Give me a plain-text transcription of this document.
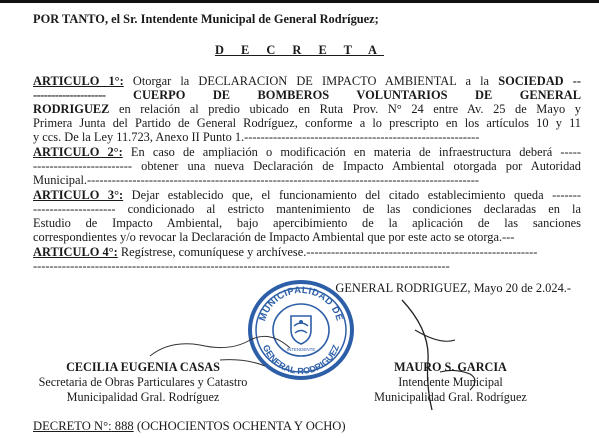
POR TANTO, el Sr. Intendente Municipal de General Rodríguez;
D E C R E T A
ARTICULO 1°: Otorgar la DECLARACION DE IMPACTO AMBIENTAL a la SOCIEDAD --
-------------------- CUERPO DE BOMBEROS VOLUNTARIOS DE GENERAL
RODRIGUEZ en relación al predio ubicado en Ruta Prov. N° 24 entre Av. 25 de Mayo y
Primera Junta del Partido de General Rodríguez, conforme a lo prescripto en los artículos 10 y 11
y ccs. De la Ley 11.723, Anexo II Punto 1.---------------------------------------------------------
ARTICULO 2°: En caso de ampliación o modificación en materia de infraestructura deberá -----
------------------------ obtener una nueva Declaración de Impacto Ambiental otorgada por Autoridad
Municipal.-----------------------------------------------------------------------------------------------
ARTICULO 3°: Dejar establecido que, el funcionamiento del citado establecimiento queda -------
-------------------- condicionado al estricto mantenimiento de las condiciones declaradas en la
Estudio de Impacto Ambiental, bajo apercibimiento de la aplicación de las sanciones
correspondientes y/o revocar la Declaración de Impacto Ambiental que por este acto se otorga.---
ARTICULO 4°: Regístrese, comuníquese y archívese.--------------------------------------------------------
-----------------------------------------------------------------------------------------------------
GENERAL RODRIGUEZ, Mayo 20 de 2.024.-
MUNICIPALIDAD DE
GENERAL RODRIGUEZ
INTENDENTE
CECILIA EUGENIA CASAS
Secretaria de Obras Particulares y Catastro
Municipalidad Gral. Rodríguez
MAURO S. GARCIA
Intendente Municipal
Municipalidad Gral. Rodríguez
DECRETO N°: 888 (OCHOCIENTOS OCHENTA Y OCHO)
